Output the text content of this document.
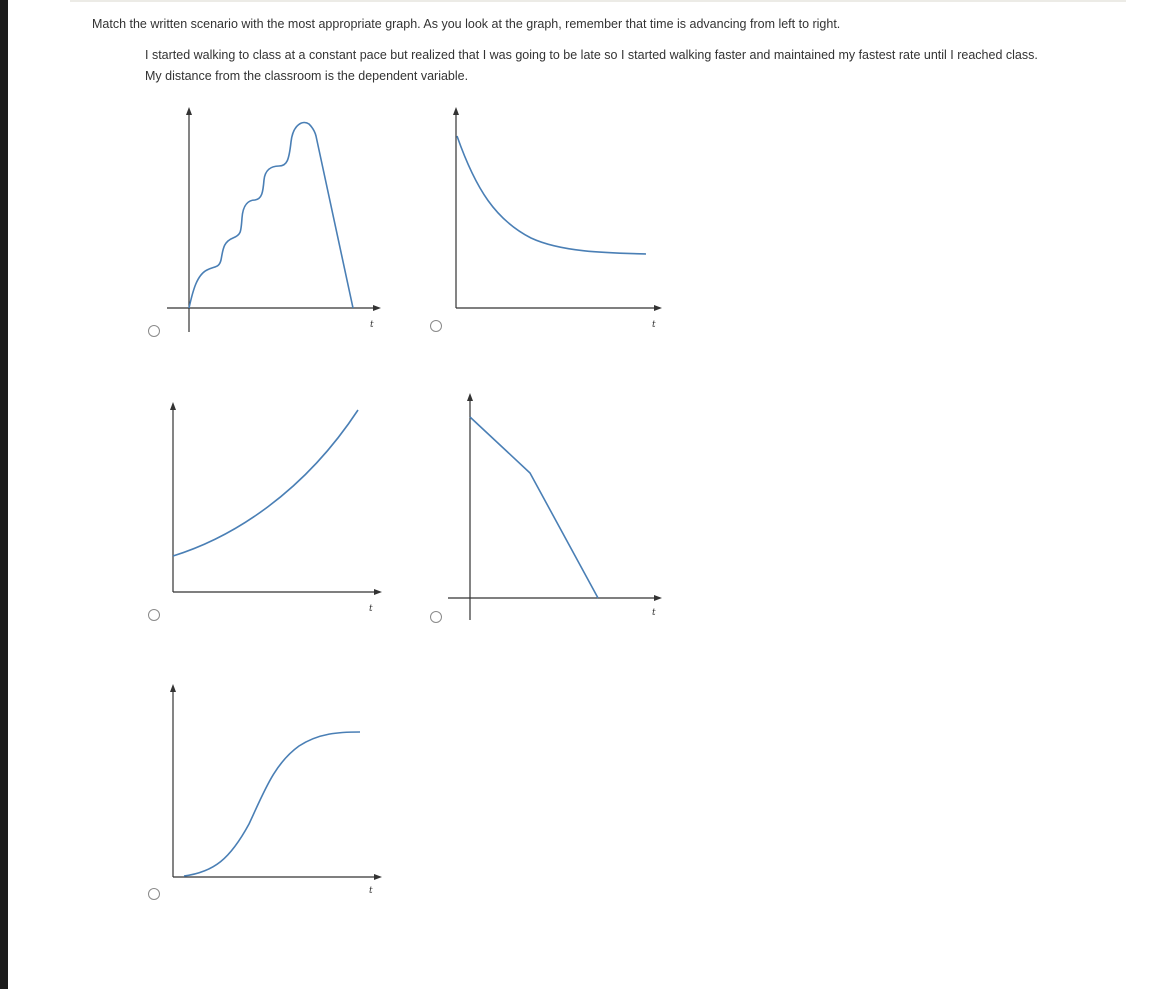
Match the written scenario with the most appropriate graph. As you look at the graph, remember that time is advancing from left to right.
I started walking to class at a constant pace but realized that I was going to be late so I started walking faster and maintained my fastest rate until I reached class.
My distance from the classroom is the dependent variable.
t	t
t	t
t
